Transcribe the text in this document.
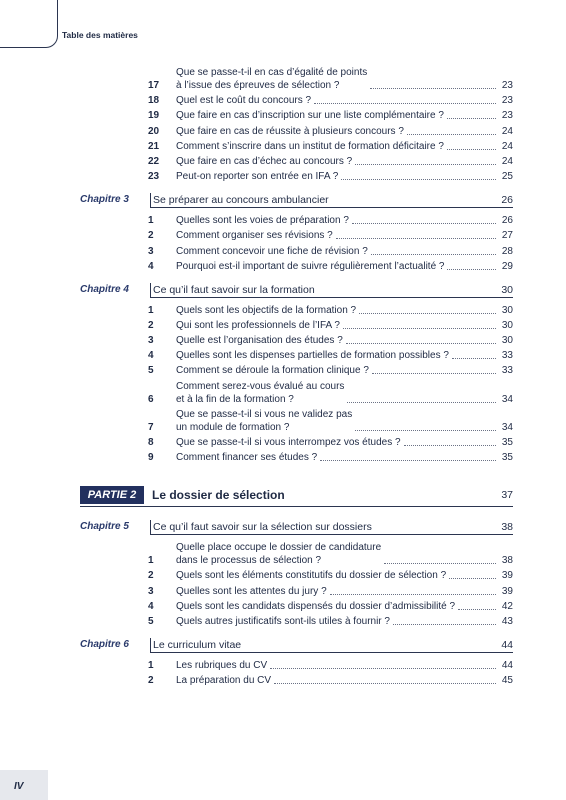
Table des matières
17
Que se passe-t-il en cas d’égalité de points
à l’issue des épreuves de sélection ?	23
18	Quel est le coût du concours ?	23
19	Que faire en cas d’inscription sur une liste complémentaire ?	23
20	Que faire en cas de réussite à plusieurs concours ?	24
21	Comment s’inscrire dans un institut de formation déficitaire ?	24
22	Que faire en cas d’échec au concours ?	24
23	Peut-on reporter son entrée en IFA ?	25
Chapitre 3 Se préparer au concours ambulancier	26
1	Quelles sont les voies de préparation ?	26
2	Comment organiser ses révisions ?	27
3	Comment concevoir une fiche de révision ?	28
4	Pourquoi est-il important de suivre régulièrement l’actualité ?	29
Chapitre 4 Ce qu’il faut savoir sur la formation	30
1	Quels sont les objectifs de la formation ?	30
2	Qui sont les professionnels de l’IFA ?	30
3	Quelle est l’organisation des études ?	30
4	Quelles sont les dispenses partielles de formation possibles ?	33
5	Comment se déroule la formation clinique ?	33
6
Comment serez-vous évalué au cours
et à la fin de la formation ?	34
7
Que se passe-t-il si vous ne validez pas
un module de formation ?	34
8	Que se passe-t-il si vous interrompez vos études ?	35
9	Comment financer ses études ?	35
PARTIE 2	Le dossier de sélection	37
Chapitre 5 Ce qu’il faut savoir sur la sélection sur dossiers	38
1
Quelle place occupe le dossier de candidature
dans le processus de sélection ?	38
2	Quels sont les éléments constitutifs du dossier de sélection ?	39
3	Quelles sont les attentes du jury ?	39
4	Quels sont les candidats dispensés du dossier d’admissibilité ?	42
5	Quels autres justificatifs sont-ils utiles à fournir ?	43
Chapitre 6 Le curriculum vitae	44
1	Les rubriques du CV	44
2	La préparation du CV	45
IV
